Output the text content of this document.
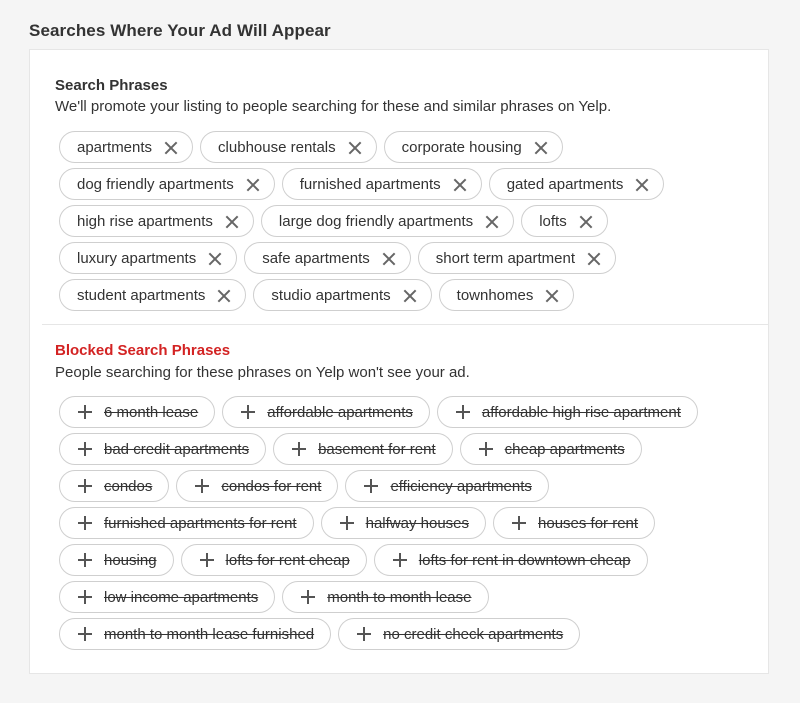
Searches Where Your Ad Will Appear
Search Phrases
We'll promote your listing to people searching for these and similar phrases on Yelp.
apartments	clubhouse rentals	corporate housing
dog friendly apartments	furnished apartments	gated apartments
high rise apartments	large dog friendly apartments	lofts
luxury apartments	safe apartments	short term apartment
student apartments	studio apartments	townhomes
Blocked Search Phrases
People searching for these phrases on Yelp won't see your ad.
6 month lease	affordable apartments	affordable high rise apartment
bad credit apartments	basement for rent	cheap apartments
condos	condos for rent	efficiency apartments
furnished apartments for rent	halfway houses	houses for rent
housing	lofts for rent cheap	lofts for rent in downtown cheap
low income apartments	month to month lease
month to month lease furnished	no credit check apartments
